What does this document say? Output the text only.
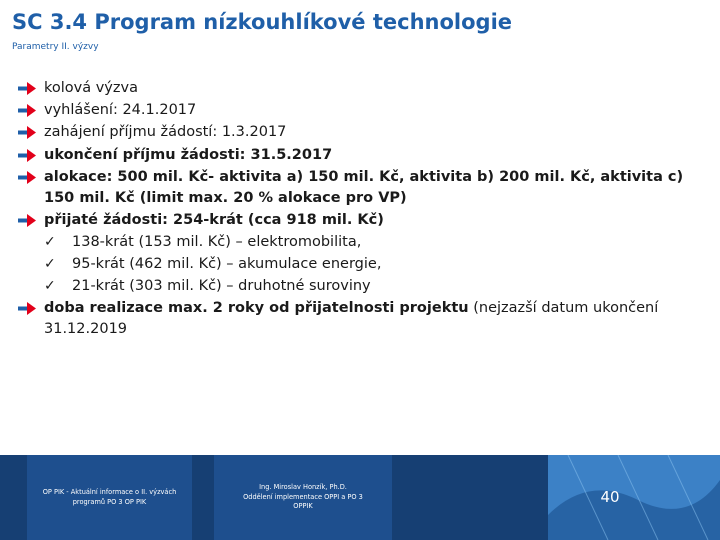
SC 3.4 Program nízkouhlíkové technologie
Parametry II. výzvy
kolová výzva
vyhlášení: 24.1.2017
zahájení příjmu žádostí: 1.3.2017
ukončení příjmu žádosti: 31.5.2017
alokace: 500 mil. Kč- aktivita a) 150 mil. Kč, aktivita b) 200 mil. Kč, aktivita c) 150 mil. Kč (limit max. 20 % alokace pro VP)
přijaté žádosti: 254-krát (cca 918 mil. Kč)
✓ 138-krát (153 mil. Kč) – elektromobilita,
✓ 95-krát (462 mil. Kč) – akumulace energie,
✓ 21-krát (303 mil. Kč) – druhotné suroviny
doba realizace max. 2 roky od přijatelnosti projektu (nejzazší datum ukončení 31.12.2019
OP PIK - Aktuální informace o II. výzvách
programů PO 3 OP PIK
Ing. Miroslav Honzík, Ph.D.
Oddělení implementace OPPI a PO 3
OPPIK
40
